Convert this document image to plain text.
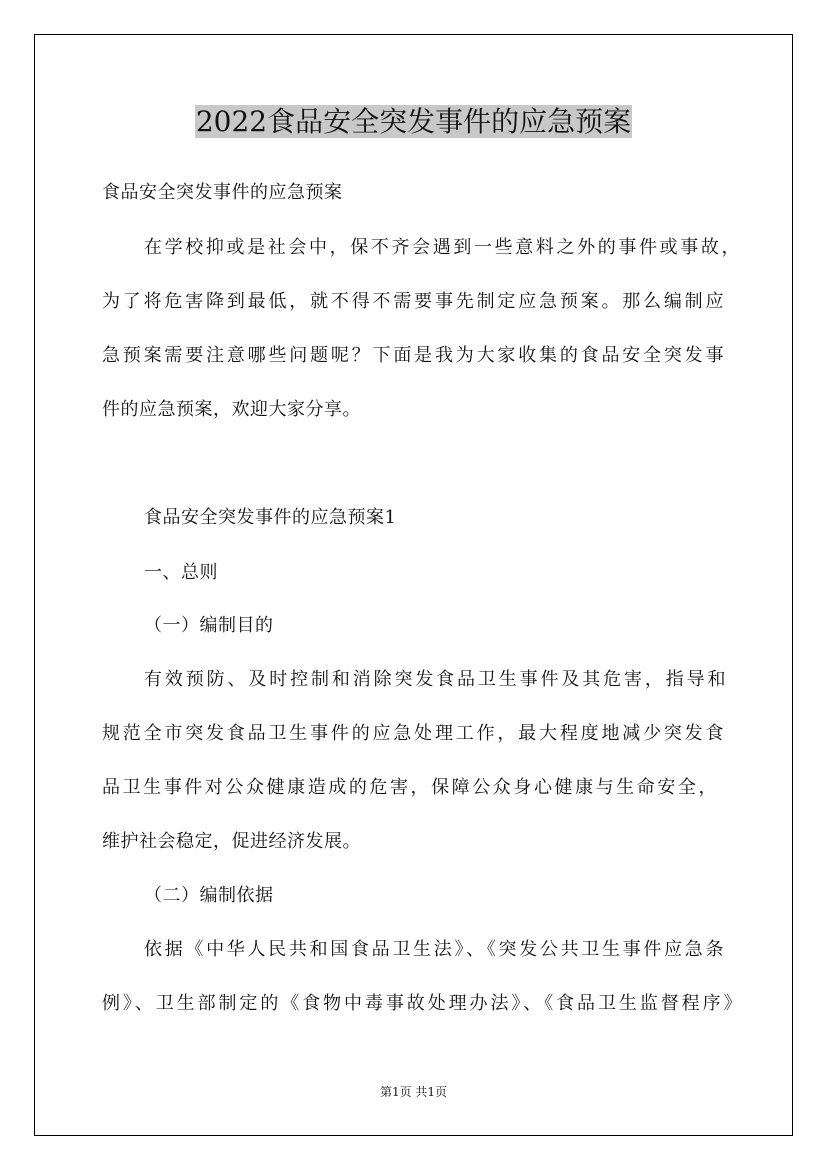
2022食品安全突发事件的应急预案
食品安全突发事件的应急预案
在学校抑或是社会中，保不齐会遇到一些意料之外的事件或事故，
为了将危害降到最低，就不得不需要事先制定应急预案。那么编制应
急预案需要注意哪些问题呢？下面是我为大家收集的食品安全突发事
件的应急预案，欢迎大家分享。
食品安全突发事件的应急预案1
一、总则
（一）编制目的
有效预防、及时控制和消除突发食品卫生事件及其危害，指导和
规范全市突发食品卫生事件的应急处理工作，最大程度地减少突发食
品卫生事件对公众健康造成的危害，保障公众身心健康与生命安全，
维护社会稳定，促进经济发展。
（二）编制依据
依据《中华人民共和国食品卫生法》、《突发公共卫生事件应急条
例》、卫生部制定的《食物中毒事故处理办法》、《食品卫生监督程序》
第1页 共1页
